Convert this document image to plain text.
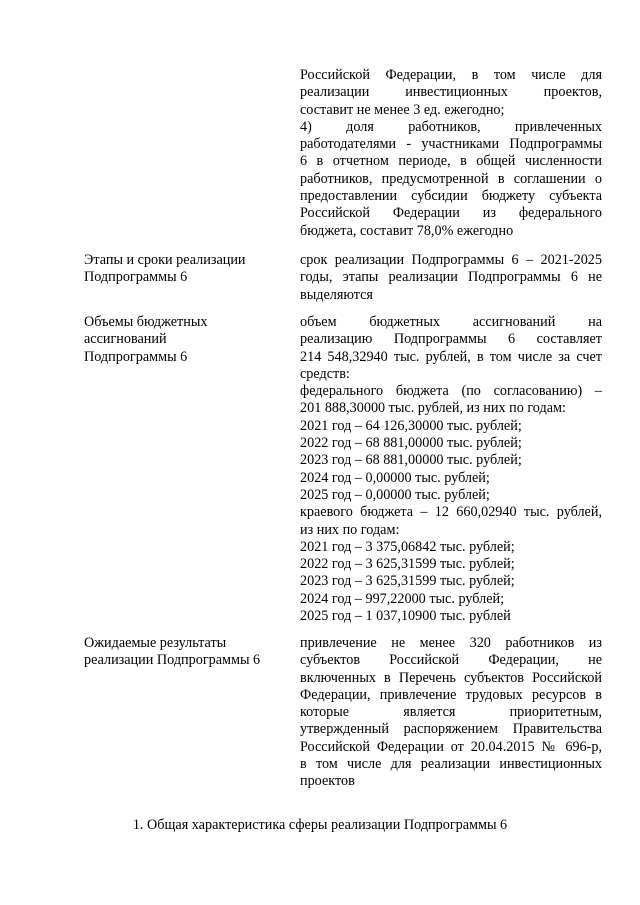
Российской Федерации, в том числе для
реализации инвестиционных проектов,
составит не менее 3 ед. ежегодно;
4) доля работников, привлеченных
работодателями - участниками Подпрограммы
6 в отчетном периоде, в общей численности
работников, предусмотренной в соглашении о
предоставлении субсидии бюджету субъекта
Российской Федерации из федерального
бюджета, составит 78,0% ежегодно
Этапы и сроки реализации
Подпрограммы 6
срок реализации Подпрограммы 6 – 2021-2025
годы, этапы реализации Подпрограммы 6 не
выделяются
Объемы бюджетных
ассигнований
Подпрограммы 6
объем бюджетных ассигнований на
реализацию Подпрограммы 6 составляет
214 548,32940 тыс. рублей, в том числе за счет
средств:
федерального бюджета (по согласованию) –
201 888,30000 тыс. рублей, из них по годам:
2021 год – 64 126,30000 тыс. рублей;
2022 год – 68 881,00000 тыс. рублей;
2023 год – 68 881,00000 тыс. рублей;
2024 год – 0,00000 тыс. рублей;
2025 год – 0,00000 тыс. рублей;
краевого бюджета – 12 660,02940 тыс. рублей,
из них по годам:
2021 год – 3 375,06842 тыс. рублей;
2022 год – 3 625,31599 тыс. рублей;
2023 год – 3 625,31599 тыс. рублей;
2024 год – 997,22000 тыс. рублей;
2025 год – 1 037,10900 тыс. рублей
Ожидаемые результаты
реализации Подпрограммы 6
привлечение не менее 320 работников из
субъектов Российской Федерации, не
включенных в Перечень субъектов Российской
Федерации, привлечение трудовых ресурсов в
которые является приоритетным,
утвержденный распоряжением Правительства
Российской Федерации от 20.04.2015 № 696-р,
в том числе для реализации инвестиционных
проектов
1. Общая характеристика сферы реализации Подпрограммы 6
